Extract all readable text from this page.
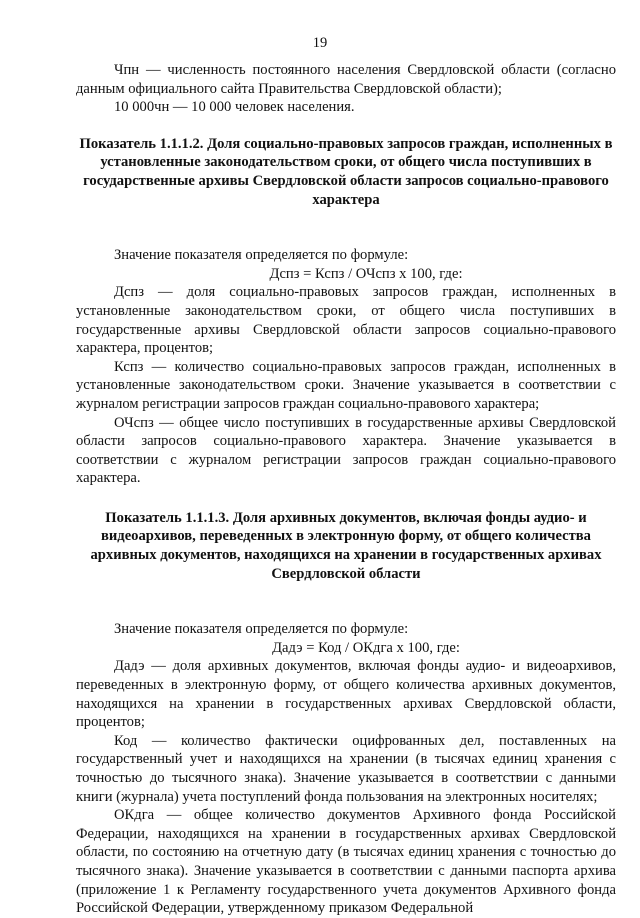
19

Чпн — численность постоянного населения Свердловской области (согласно данным официального сайта Правительства Свердловской области);

10 000чн — 10 000 человек населения.

Показатель 1.1.1.2. Доля социально-правовых запросов граждан, исполненных в установленные законодательством сроки, от общего числа поступивших в государственные архивы Свердловской области запросов социально-правового характера

Значение показателя определяется по формуле:

Дспз = Кспз / ОЧспз х 100, где:

Дспз — доля социально-правовых запросов граждан, исполненных в установленные законодательством сроки, от общего числа поступивших в государственные архивы Свердловской области запросов социально-правового характера, процентов;

Кспз — количество социально-правовых запросов граждан, исполненных в установленные законодательством сроки. Значение указывается в соответствии с журналом регистрации запросов граждан социально-правового характера;

ОЧспз — общее число поступивших в государственные архивы Свердловской области запросов социально-правового характера. Значение указывается в соответствии с журналом регистрации запросов граждан социально-правового характера.

Показатель 1.1.1.3. Доля архивных документов, включая фонды аудио- и видеоархивов, переведенных в электронную форму, от общего количества архивных документов, находящихся на хранении в государственных архивах Свердловской области

Значение показателя определяется по формуле:

Дадэ = Код / ОКдга х 100, где:

Дадэ — доля архивных документов, включая фонды аудио- и видеоархивов, переведенных в электронную форму, от общего количества архивных документов, находящихся на хранении в государственных архивах Свердловской области, процентов;

Код — количество фактически оцифрованных дел, поставленных на государственный учет и находящихся на хранении (в тысячах единиц хранения с точностью до тысячного знака). Значение указывается в соответствии с данными книги (журнала) учета поступлений фонда пользования на электронных носителях;

ОКдга — общее количество документов Архивного фонда Российской Федерации, находящихся на хранении в государственных архивах Свердловской области, по состоянию на отчетную дату (в тысячах единиц хранения с точностью до тысячного знака). Значение указывается в соответствии с данными паспорта архива (приложение 1 к Регламенту государственного учета документов Архивного фонда Российской Федерации, утвержденному приказом Федеральной
